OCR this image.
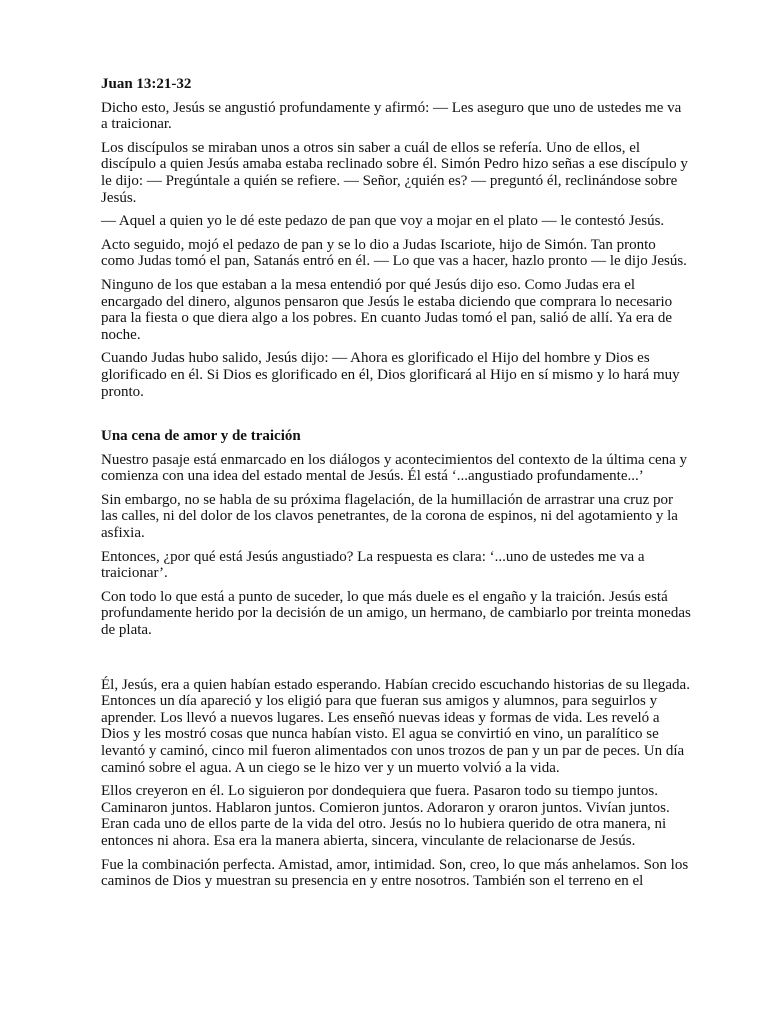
Juan 13:21-32

Dicho esto, Jesús se angustió profundamente y afirmó: — Les aseguro que uno de ustedes me va a traicionar.

Los discípulos se miraban unos a otros sin saber a cuál de ellos se refería. Uno de ellos, el discípulo a quien Jesús amaba estaba reclinado sobre él. Simón Pedro hizo señas a ese discípulo y le dijo: — Pregúntale a quién se refiere. — Señor, ¿quién es? — preguntó él, reclinándose sobre Jesús.

— Aquel a quien yo le dé este pedazo de pan que voy a mojar en el plato — le contestó Jesús.

Acto seguido, mojó el pedazo de pan y se lo dio a Judas Iscariote, hijo de Simón. Tan pronto como Judas tomó el pan, Satanás entró en él. — Lo que vas a hacer, hazlo pronto — le dijo Jesús.

Ninguno de los que estaban a la mesa entendió por qué Jesús dijo eso. Como Judas era el encargado del dinero, algunos pensaron que Jesús le estaba diciendo que comprara lo necesario para la fiesta o que diera algo a los pobres. En cuanto Judas tomó el pan, salió de allí. Ya era de noche.

Cuando Judas hubo salido, Jesús dijo: — Ahora es glorificado el Hijo del hombre y Dios es glorificado en él. Si Dios es glorificado en él, Dios glorificará al Hijo en sí mismo y lo hará muy pronto.

Una cena de amor y de traición

Nuestro pasaje está enmarcado en los diálogos y acontecimientos del contexto de la última cena y comienza con una idea del estado mental de Jesús. Él está ‘...angustiado profundamente...’

Sin embargo, no se habla de su próxima flagelación, de la humillación de arrastrar una cruz por las calles, ni del dolor de los clavos penetrantes, de la corona de espinos, ni del agotamiento y la asfixia.

Entonces, ¿por qué está Jesús angustiado? La respuesta es clara: ‘...uno de ustedes me va a traicionar’.

Con todo lo que está a punto de suceder, lo que más duele es el engaño y la traición. Jesús está profundamente herido por la decisión de un amigo, un hermano, de cambiarlo por treinta monedas de plata.

Él, Jesús, era a quien habían estado esperando. Habían crecido escuchando historias de su llegada. Entonces un día apareció y los eligió para que fueran sus amigos y alumnos, para seguirlos y aprender. Los llevó a nuevos lugares. Les enseñó nuevas ideas y formas de vida. Les reveló a Dios y les mostró cosas que nunca habían visto. El agua se convirtió en vino, un paralítico se levantó y caminó, cinco mil fueron alimentados con unos trozos de pan y un par de peces. Un día caminó sobre el agua. A un ciego se le hizo ver y un muerto volvió a la vida.

Ellos creyeron en él. Lo siguieron por dondequiera que fuera. Pasaron todo su tiempo juntos. Caminaron juntos. Hablaron juntos. Comieron juntos. Adoraron y oraron juntos. Vivían juntos. Eran cada uno de ellos parte de la vida del otro. Jesús no lo hubiera querido de otra manera, ni entonces ni ahora. Esa era la manera abierta, sincera, vinculante de relacionarse de Jesús.

Fue la combinación perfecta. Amistad, amor, intimidad. Son, creo, lo que más anhelamos. Son los caminos de Dios y muestran su presencia en y entre nosotros. También son el terreno en el
